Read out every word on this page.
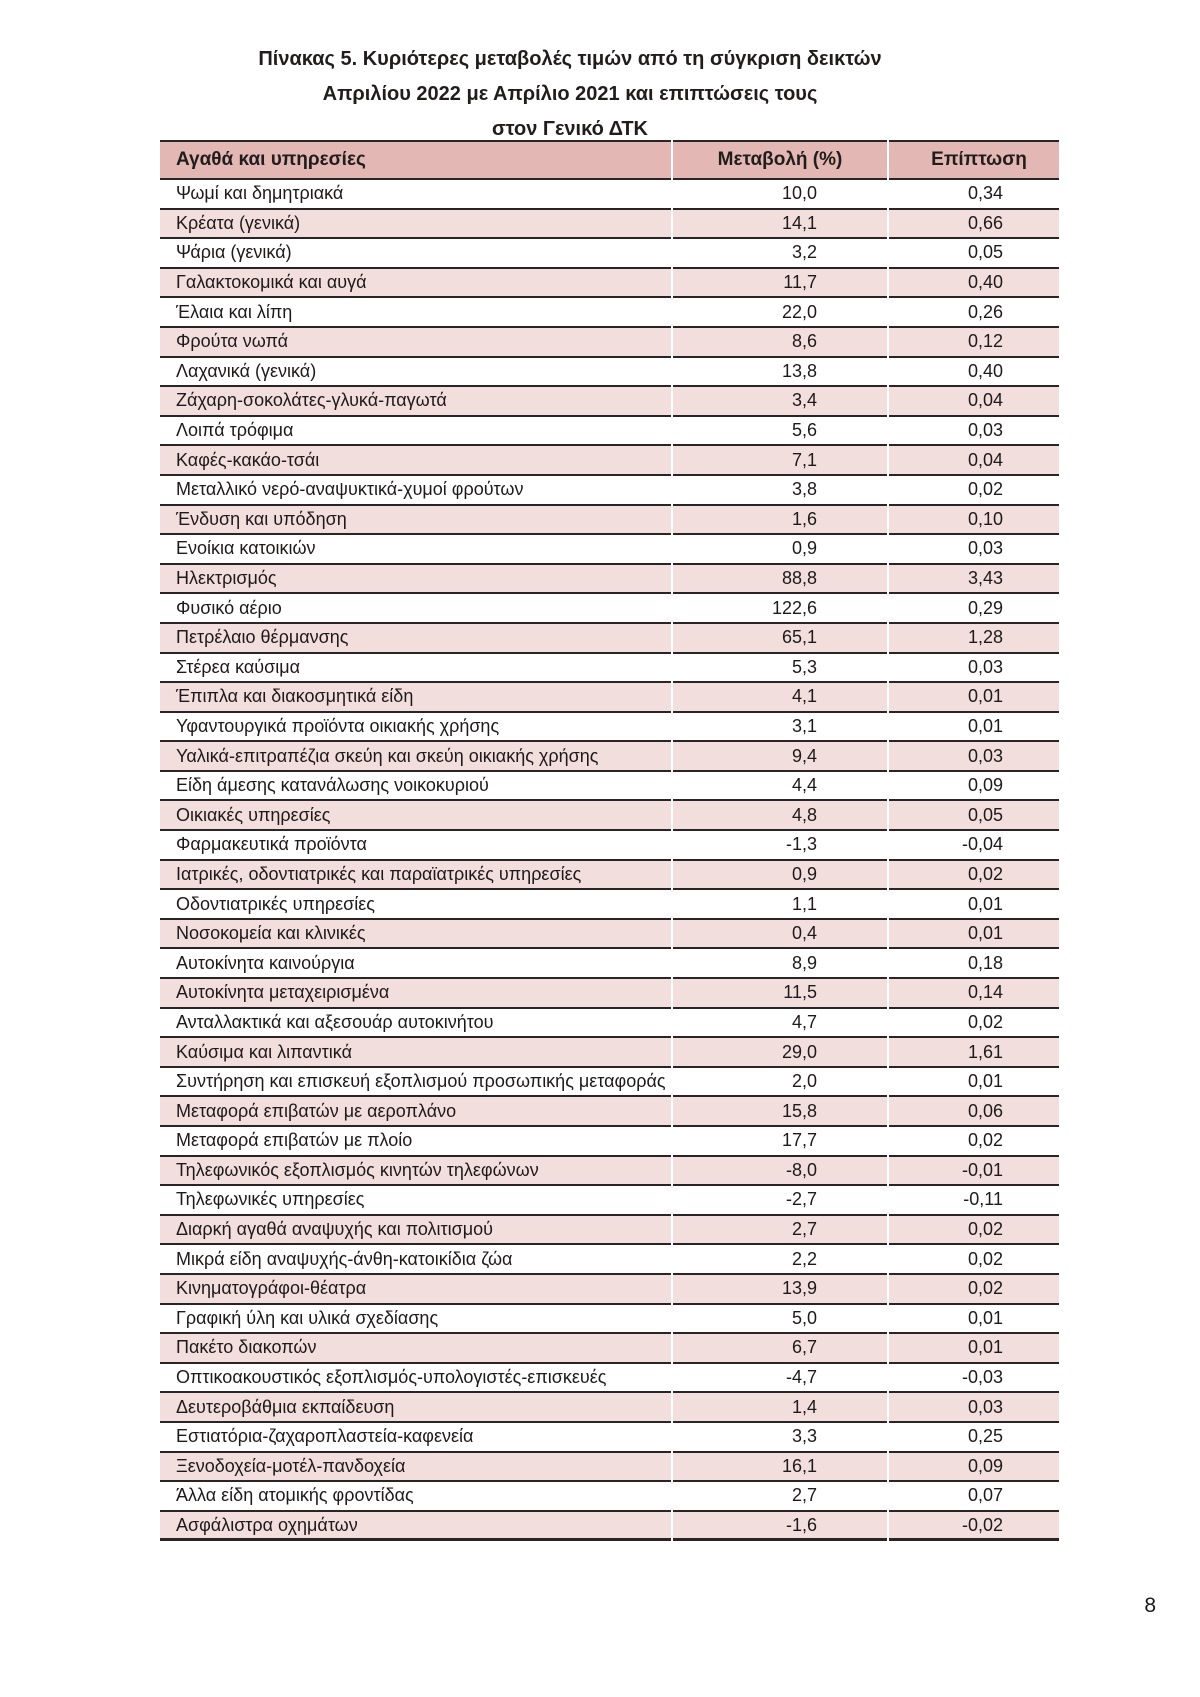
Πίνακας 5. Κυριότερες μεταβολές τιμών από τη σύγκριση δεικτών
Απριλίου 2022 με Απρίλιο 2021 και επιπτώσεις τους
στον Γενικό ΔΤΚ
Αγαθά και υπηρεσίες	Μεταβολή (%)	Επίπτωση
Ψωμί και δημητριακά	10,0	0,34
Κρέατα (γενικά)	14,1	0,66
Ψάρια (γενικά)	3,2	0,05
Γαλακτοκομικά και αυγά	11,7	0,40
Έλαια και λίπη	22,0	0,26
Φρούτα νωπά	8,6	0,12
Λαχανικά (γενικά)	13,8	0,40
Ζάχαρη-σοκολάτες-γλυκά-παγωτά	3,4	0,04
Λοιπά τρόφιμα	5,6	0,03
Καφές-κακάο-τσάι	7,1	0,04
Μεταλλικό νερό-αναψυκτικά-χυμοί φρούτων	3,8	0,02
Ένδυση και υπόδηση	1,6	0,10
Ενοίκια κατοικιών	0,9	0,03
Ηλεκτρισμός	88,8	3,43
Φυσικό αέριο	122,6	0,29
Πετρέλαιο θέρμανσης	65,1	1,28
Στέρεα καύσιμα	5,3	0,03
Έπιπλα και διακοσμητικά είδη	4,1	0,01
Υφαντουργικά προϊόντα οικιακής χρήσης	3,1	0,01
Υαλικά-επιτραπέζια σκεύη και σκεύη οικιακής χρήσης	9,4	0,03
Είδη άμεσης κατανάλωσης νοικοκυριού	4,4	0,09
Οικιακές υπηρεσίες	4,8	0,05
Φαρμακευτικά προϊόντα	-1,3	-0,04
Ιατρικές, οδοντιατρικές και παραϊατρικές υπηρεσίες	0,9	0,02
Οδοντιατρικές υπηρεσίες	1,1	0,01
Νοσοκομεία και κλινικές	0,4	0,01
Αυτοκίνητα καινούργια	8,9	0,18
Αυτοκίνητα μεταχειρισμένα	11,5	0,14
Ανταλλακτικά και αξεσουάρ αυτοκινήτου	4,7	0,02
Καύσιμα και λιπαντικά	29,0	1,61
Συντήρηση και επισκευή εξοπλισμού προσωπικής μεταφοράς	2,0	0,01
Μεταφορά επιβατών με αεροπλάνο	15,8	0,06
Μεταφορά επιβατών με πλοίο	17,7	0,02
Τηλεφωνικός εξοπλισμός κινητών τηλεφώνων	-8,0	-0,01
Τηλεφωνικές υπηρεσίες	-2,7	-0,11
Διαρκή αγαθά αναψυχής και πολιτισμού	2,7	0,02
Μικρά είδη αναψυχής-άνθη-κατοικίδια ζώα	2,2	0,02
Κινηματογράφοι-θέατρα	13,9	0,02
Γραφική ύλη και υλικά σχεδίασης	5,0	0,01
Πακέτο διακοπών	6,7	0,01
Οπτικοακουστικός εξοπλισμός-υπολογιστές-επισκευές	-4,7	-0,03
Δευτεροβάθμια εκπαίδευση	1,4	0,03
Εστιατόρια-ζαχαροπλαστεία-καφενεία	3,3	0,25
Ξενοδοχεία-μοτέλ-πανδοχεία	16,1	0,09
Άλλα είδη ατομικής φροντίδας	2,7	0,07
Ασφάλιστρα οχημάτων	-1,6	-0,02
8
